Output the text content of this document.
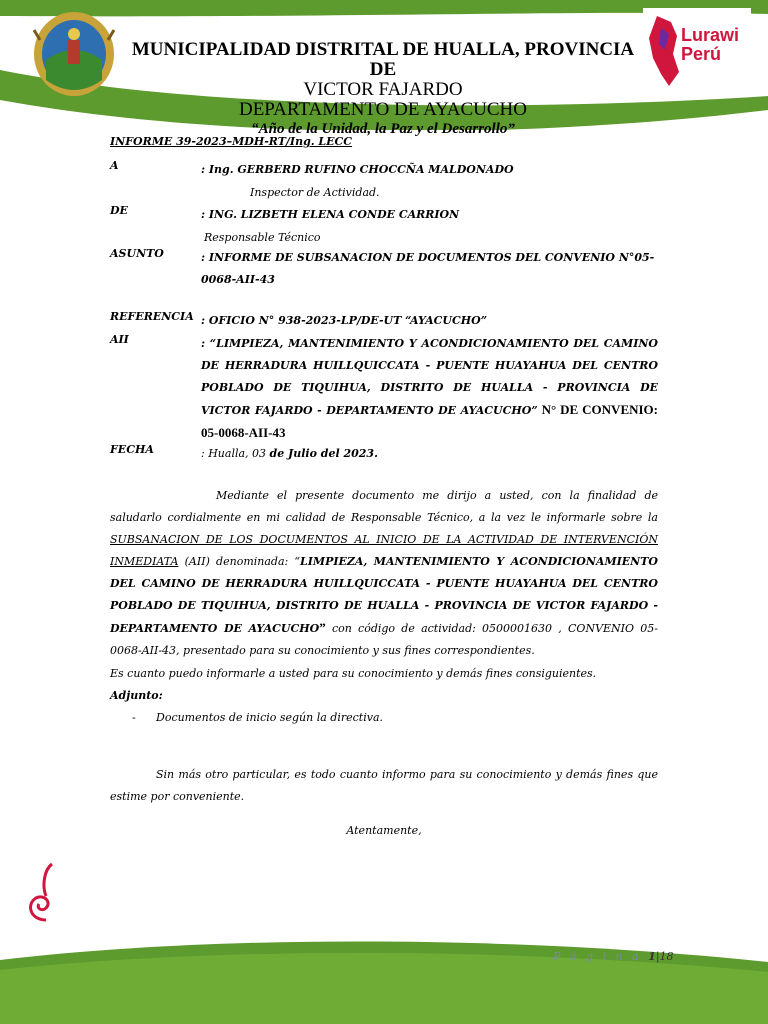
Lurawi
Perú
MUNICIPALIDAD DISTRITAL DE HUALLA, PROVINCIA DE
VICTOR FAJARDO
DEPARTAMENTO DE AYACUCHO
“Año de la Unidad, la Paz y el Desarrollo”
INFORME 39-2023–MDH-RT/Ing. LECC
A	: Ing. GERBERD RUFINO CHOCCÑA MALDONADO
Inspector de Actividad.
DE	: ING. LIZBETH ELENA CONDE CARRION
Responsable Técnico
ASUNTO	: INFORME DE SUBSANACION DE DOCUMENTOS DEL CONVENIO N°05-0068-AII-43
REFERENCIA : OFICIO N° 938-2023-LP/DE-UT “AYACUCHO”
AII	: “LIMPIEZA, MANTENIMIENTO Y ACONDICIONAMIENTO DEL CAMINO DE HERRADURA HUILLQUICCATA - PUENTE HUAYAHUA DEL CENTRO POBLADO DE TIQUIHUA, DISTRITO DE HUALLA - PROVINCIA DE VICTOR FAJARDO - DEPARTAMENTO DE AYACUCHO” N° DE CONVENIO: 05-0068-AII-43
FECHA	: Hualla, 03 de Julio del 2023.
Mediante el presente documento me dirijo a usted, con la finalidad de saludarlo cordialmente en mi calidad de Responsable Técnico, a la vez le informarle sobre la SUBSANACION DE LOS DOCUMENTOS AL INICIO DE LA ACTIVIDAD DE INTERVENCIÓN INMEDIATA (AII) denominada: “LIMPIEZA, MANTENIMIENTO Y ACONDICIONAMIENTO DEL CAMINO DE HERRADURA HUILLQUICCATA - PUENTE HUAYAHUA DEL CENTRO POBLADO DE TIQUIHUA, DISTRITO DE HUALLA - PROVINCIA DE VICTOR FAJARDO - DEPARTAMENTO DE AYACUCHO” con código de actividad: 0500001630 , CONVENIO 05-0068-AII-43, presentado para su conocimiento y sus fines correspondientes.
Es cuanto puedo informarle a usted para su conocimiento y demás fines consiguientes.
Adjunto:
- Documentos de inicio según la directiva.
Sin más otro particular, es todo cuanto informo para su conocimiento y demás fines que estime por conveniente.
Atentamente,
P á g i n a 1|18
